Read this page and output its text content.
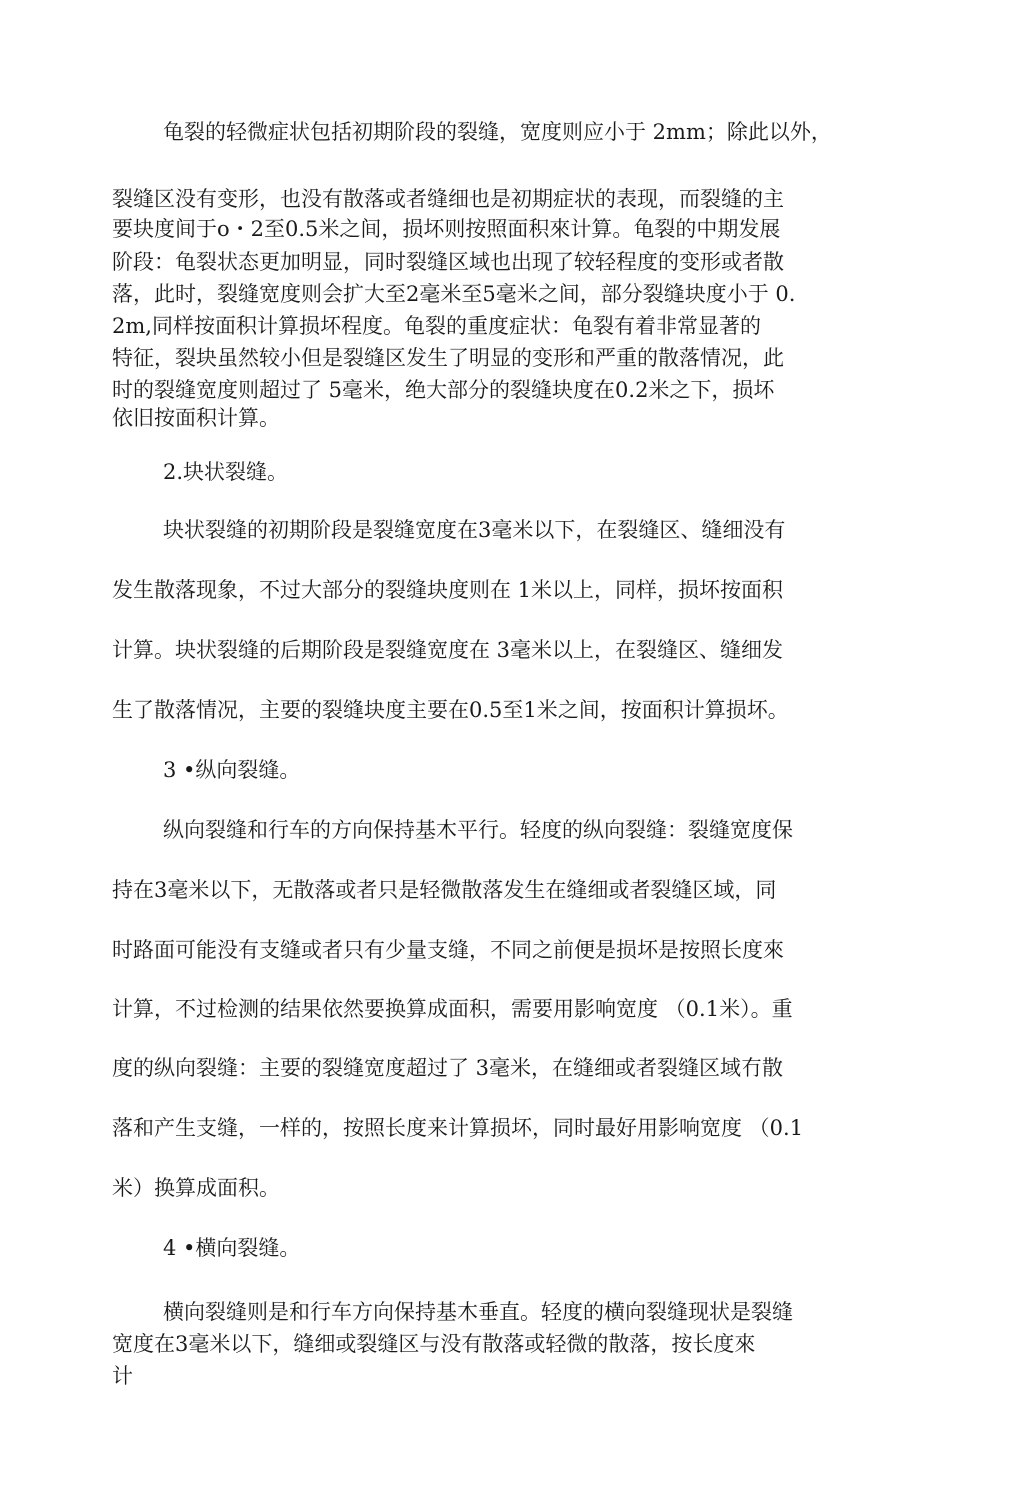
龟裂的轻微症状包括初期阶段的裂缝，宽度则应小于 2mm；除此以外，

裂缝区没有变形，也没有散落或者缝细也是初期症状的表现，而裂缝的主

要块度间于o・2至0.5米之间，损坏则按照面积來计算。龟裂的中期发展

阶段：龟裂状态更加明显，同时裂缝区域也出现了较轻程度的变形或者散

落，此时，裂缝宽度则会扩大至2毫米至5毫米之间，部分裂缝块度小于 0.

2m,同样按面积计算损坏程度。龟裂的重度症状：龟裂有着非常显著的

特征，裂块虽然较小但是裂缝区发生了明显的变形和严重的散落情况，此

时的裂缝宽度则超过了 5毫米，绝大部分的裂缝块度在0.2米之下，损坏

依旧按面积计算。

2.块状裂缝。

块状裂缝的初期阶段是裂缝宽度在3毫米以下，在裂缝区、缝细没有

发生散落现象，不过大部分的裂缝块度则在 1米以上，同样，损坏按面积

计算。块状裂缝的后期阶段是裂缝宽度在 3毫米以上，在裂缝区、缝细发

生了散落情况，主要的裂缝块度主要在0.5至1米之间，按面积计算损坏。

3 •纵向裂缝。

纵向裂缝和行车的方向保持基木平行。轻度的纵向裂缝：裂缝宽度保

持在3毫米以下，无散落或者只是轻微散落发生在缝细或者裂缝区域，同

时路面可能没有支缝或者只有少量支缝，不同之前便是损坏是按照长度來

计算，不过检测的结果依然要换算成面积，需要用影响宽度 （0.1米）。重

度的纵向裂缝：主要的裂缝宽度超过了 3毫米，在缝细或者裂缝区域冇散

落和产生支缝，一样的，按照长度来计算损坏，同时最好用影响宽度 （0.1

米）换算成面积。

4 •横向裂缝。

横向裂缝则是和行车方向保持基木垂直。轻度的横向裂缝现状是裂缝

宽度在3毫米以下，缝细或裂缝区与没有散落或轻微的散落，按长度來

计
